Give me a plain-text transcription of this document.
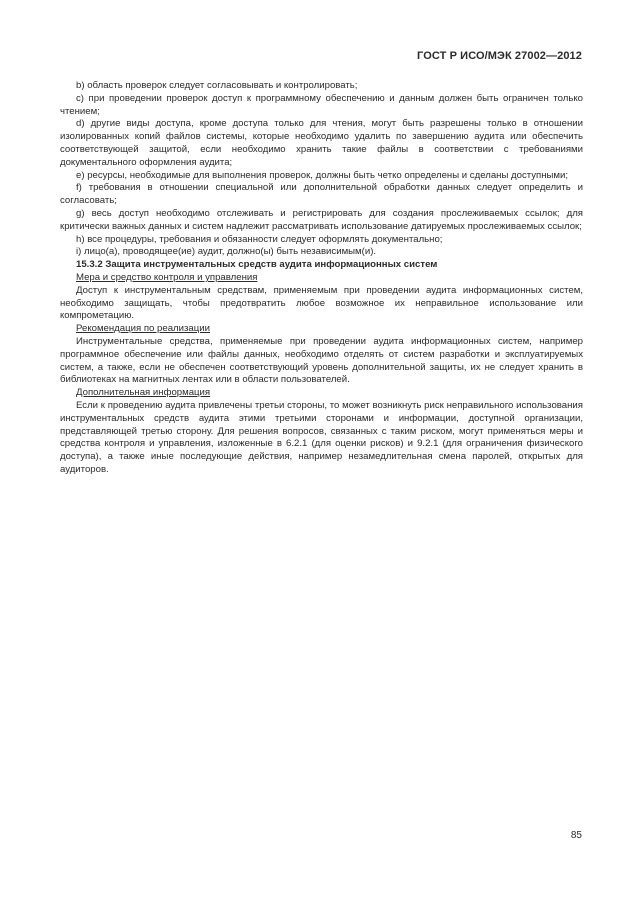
ГОСТ Р ИСО/МЭК 27002—2012

b) область проверок следует согласовывать и контролировать;

c) при проведении проверок доступ к программному обеспечению и данным должен быть ограничен только чтением;

d) другие виды доступа, кроме доступа только для чтения, могут быть разрешены только в отношении изолированных копий файлов системы, которые необходимо удалить по завершению аудита или обеспечить соответствующей защитой, если необходимо хранить такие файлы в соответствии с требованиями документального оформления аудита;

e) ресурсы, необходимые для выполнения проверок, должны быть четко определены и сделаны доступными;

f) требования в отношении специальной или дополнительной обработки данных следует определить и согласовать;

g) весь доступ необходимо отслеживать и регистрировать для создания прослеживаемых ссылок; для критически важных данных и систем надлежит рассматривать использование датируемых прослеживаемых ссылок;

h) все процедуры, требования и обязанности следует оформлять документально;

i) лицо(а), проводящее(ие) аудит, должно(ы) быть независимым(и).

15.3.2 Защита инструментальных средств аудита информационных систем

Мера и средство контроля и управления

Доступ к инструментальным средствам, применяемым при проведении аудита информационных систем, необходимо защищать, чтобы предотвратить любое возможное их неправильное использование или компрометацию.

Рекомендация по реализации

Инструментальные средства, применяемые при проведении аудита информационных систем, например программное обеспечение или файлы данных, необходимо отделять от систем разработки и эксплуатируемых систем, а также, если не обеспечен соответствующий уровень дополнительной защиты, их не следует хранить в библиотеках на магнитных лентах или в области пользователей.

Дополнительная информация

Если к проведению аудита привлечены третьи стороны, то может возникнуть риск неправильного использования инструментальных средств аудита этими третьими сторонами и информации, доступной организации, представляющей третью сторону. Для решения вопросов, связанных с таким риском, могут применяться меры и средства контроля и управления, изложенные в 6.2.1 (для оценки рисков) и 9.2.1 (для ограничения физического доступа), а также иные последующие действия, например незамедлительная смена паролей, открытых для аудиторов.

85
